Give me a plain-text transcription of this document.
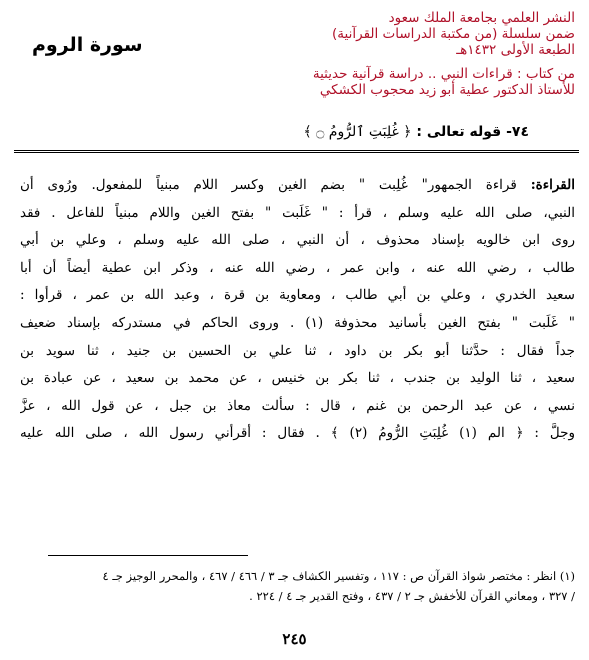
النشر العلمي بجامعة الملك سعود
ضمن سلسلة (من مكتبة الدراسات القرآنية)
الطبعة الأولى ١٤٣٢هـ
من كتاب : قراءات النبي .. دراسة قرآنية حديثية
للأستاذ الدكتور عطية أبو زيد محجوب الكشكي
سورة الروم
٧٤- قوله تعالى : ﴿ غُلِبَتِ ٱلرُّومُ ۝ ﴾
القراءة: قراءة الجمهور" غُلِبت " بضم الغين وكسر اللام مبنياً للمفعول. ورُوى أن
النبي، صلى الله عليه وسلم ، قرأ : " غَلَبت " بفتح الغين واللام مبنياً للفاعل . فقد
روى ابن خالويه بإسناد محذوف ، أن النبي ، صلى الله عليه وسلم ، وعلي بن أبي
طالب ، رضي الله عنه ، وابن عمر ، رضي الله عنه ، وذكر ابن عطية أيضاً أن أبا
سعيد الخدري ، وعلي بن أبي طالب ، ومعاوية بن قرة ، وعبد الله بن عمر ، قرأوا :
" غَلَبت " بفتح الغين بأسانيد محذوفة (١) . وروى الحاكم في مستدركه بإسناد ضعيف
جداً فقال : حدَّثنا أبو بكر بن داود ، ثنا علي بن الحسين بن جنيد ، ثنا سويد بن
سعيد ، ثنا الوليد بن جندب ، ثنا بكر بن خنيس ، عن محمد بن سعيد ، عن عبادة بن
نسي ، عن عبد الرحمن بن غنم ، قال : سألت معاذ بن جبل ، عن قول الله ، عزَّ
وجلَّ : ﴿ الم (١) غُلِبَتِ الرُّومُ (٢) ﴾ . فقال : أقرأني رسول الله ، صلى الله عليه
(١) انظر : مختصر شواذ القرآن ص : ١١٧ ، وتفسير الكشاف جـ ٣ / ٤٦٦ / ٤٦٧ ، والمحرر الوجيز جـ ٤
/ ٣٢٧ ، ومعاني القرآن للأخفش جـ ٢ / ٤٣٧ ، وفتح القدير جـ ٤ / ٢٢٤ .
٢٤٥
